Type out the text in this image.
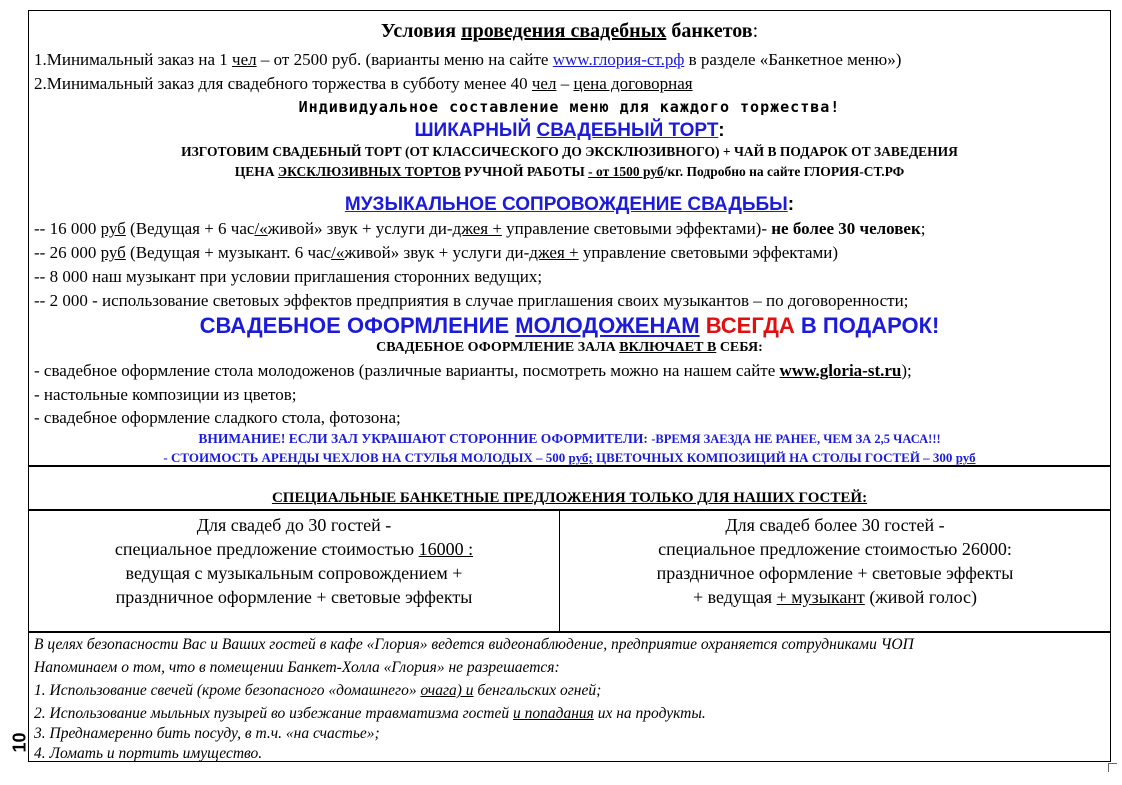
Условия проведения свадебных банкетов:
1.Минимальный заказ на 1 чел – от 2500 руб. (варианты меню на сайте www.глория-ст.рф в разделе «Банкетное меню»)
2.Минимальный заказ для свадебного торжества в субботу менее 40 чел – цена договорная
Индивидуальное составление меню для каждого торжества!
ШИКАРНЫЙ СВАДЕБНЫЙ ТОРТ:
ИЗГОТОВИМ СВАДЕБНЫЙ ТОРТ (ОТ КЛАССИЧЕСКОГО ДО ЭКСКЛЮЗИВНОГО) + ЧАЙ В ПОДАРОК ОТ ЗАВЕДЕНИЯ
ЦЕНА ЭКСКЛЮЗИВНЫХ ТОРТОВ РУЧНОЙ РАБОТЫ - от 1500 руб/кг. Подробно на сайте ГЛОРИЯ-СТ.РФ
МУЗЫКАЛЬНОЕ СОПРОВОЖДЕНИЕ СВАДЬБЫ:
-- 16 000 руб (Ведущая + 6 час/«живой» звук + услуги ди-джея + управление световыми эффектами)- не более 30 человек;
-- 26 000 руб (Ведущая + музыкант. 6 час/«живой» звук + услуги ди-джея + управление световыми эффектами)
-- 8 000 наш музыкант при условии приглашения сторонних ведущих;
-- 2 000 - использование световых эффектов предприятия в случае приглашения своих музыкантов – по договоренности;
СВАДЕБНОЕ ОФОРМЛЕНИЕ МОЛОДОЖЕНАМ ВСЕГДА В ПОДАРОК!
СВАДЕБНОЕ ОФОРМЛЕНИЕ ЗАЛА ВКЛЮЧАЕТ В СЕБЯ:
- свадебное оформление стола молодоженов (различные варианты, посмотреть можно на нашем сайте www.gloria-st.ru);
- настольные композиции из цветов;
- свадебное оформление сладкого стола, фотозона;
ВНИМАНИЕ! ЕСЛИ ЗАЛ УКРАШАЮТ СТОРОННИЕ ОФОРМИТЕЛИ: -ВРЕМЯ ЗАЕЗДА НЕ РАНЕЕ, ЧЕМ ЗА 2,5 ЧАСА!!!
- СТОИМОСТЬ АРЕНДЫ ЧЕХЛОВ НА СТУЛЬЯ МОЛОДЫХ – 500 руб; ЦВЕТОЧНЫХ КОМПОЗИЦИЙ НА СТОЛЫ ГОСТЕЙ – 300 руб
СПЕЦИАЛЬНЫЕ БАНКЕТНЫЕ ПРЕДЛОЖЕНИЯ ТОЛЬКО ДЛЯ НАШИХ ГОСТЕЙ:
Для свадеб до 30 гостей -
специальное предложение стоимостью 16000 :
ведущая с музыкальным сопровождением +
праздничное оформление + световые эффекты
Для свадеб более 30 гостей -
специальное предложение стоимостью 26000:
праздничное оформление + световые эффекты
+ ведущая + музыкант (живой голос)
В целях безопасности Вас и Ваших гостей в кафе «Глория» ведется видеонаблюдение, предприятие охраняется сотрудниками ЧОП
Напоминаем о том, что в помещении Банкет-Холла «Глория» не разрешается:
1. Использование свечей (кроме безопасного «домашнего» очага) и бенгальских огней;
2. Использование мыльных пузырей во избежание травматизма гостей и попадания их на продукты.
3. Преднамеренно бить посуду, в т.ч. «на счастье»;
4. Ломать и портить имущество.
10
